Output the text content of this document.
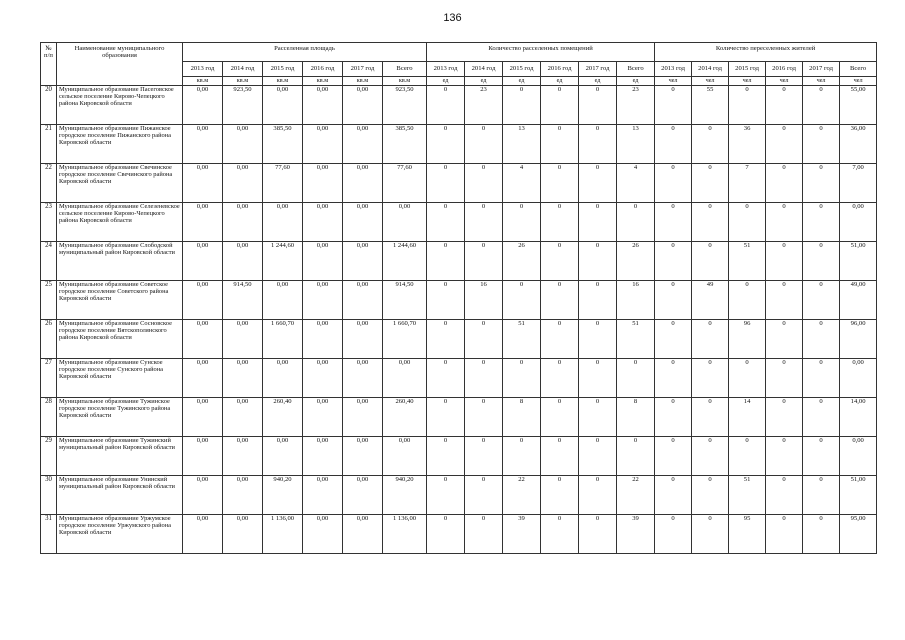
136
№ п/п	Наименование муниципального образования	Расселенная площадь						Количество расселенных помещений						Количество переселенных жителей					
		2013 год	2014 год	2015 год	2016 год	2017 год	Всего	2013 год	2014 год	2015 год	2016 год	2017 год	Всего	2013 год	2014 год	2015 год	2016 год	2017 год	Всего
		кв.м	кв.м	кв.м	кв.м	кв.м	кв.м	ед	ед	ед	ед	ед	ед	чел	чел	чел	чел	чел	чел
20	Муниципальное образование Пасеговское сельское поселение Кирово-Чепецкого района Кировской области	0,00	923,50	0,00	0,00	0,00	923,50	0	23	0	0	0	23	0	55	0	0	0	55,00
21	Муниципальное образование Пижанское городское поселение Пижанского района Кировской области	0,00	0,00	385,50	0,00	0,00	385,50	0	0	13	0	0	13	0	0	36	0	0	36,00
22	Муниципальное образование Свечинское городское поселение Свечинского района Кировской области	0,00	0,00	77,60	0,00	0,00	77,60	0	0	4	0	0	4	0	0	7	0	0	7,00
23	Муниципальное образование Селезеневское сельское поселение Кирово-Чепецкого района Кировской области	0,00	0,00	0,00	0,00	0,00	0,00	0	0	0	0	0	0	0	0	0	0	0	0,00
24	Муниципальное образование Слободской муниципальный район Кировской области	0,00	0,00	1 244,60	0,00	0,00	1 244,60	0	0	26	0	0	26	0	0	51	0	0	51,00
25	Муниципальное образование Советское городское поселение Советского района Кировской области	0,00	914,50	0,00	0,00	0,00	914,50	0	16	0	0	0	16	0	49	0	0	0	49,00
26	Муниципальное образование Сосновское городское поселение Вятскополянского района Кировской области	0,00	0,00	1 660,70	0,00	0,00	1 660,70	0	0	51	0	0	51	0	0	96	0	0	96,00
27	Муниципальное образование Сунское городское поселение Сунского района Кировской области	0,00	0,00	0,00	0,00	0,00	0,00	0	0	0	0	0	0	0	0	0	0	0	0,00
28	Муниципальное образование Тужинское городское поселение Тужинского района Кировской области	0,00	0,00	260,40	0,00	0,00	260,40	0	0	8	0	0	8	0	0	14	0	0	14,00
29	Муниципальное образование Тужинский муниципальный район Кировской области	0,00	0,00	0,00	0,00	0,00	0,00	0	0	0	0	0	0	0	0	0	0	0	0,00
30	Муниципальное образование Унинский муниципальный район Кировской области	0,00	0,00	940,20	0,00	0,00	940,20	0	0	22	0	0	22	0	0	51	0	0	51,00
31	Муниципальное образование Уржумское городское поселение Уржумского района Кировской области	0,00	0,00	1 136,00	0,00	0,00	1 136,00	0	0	39	0	0	39	0	0	95	0	0	95,00
